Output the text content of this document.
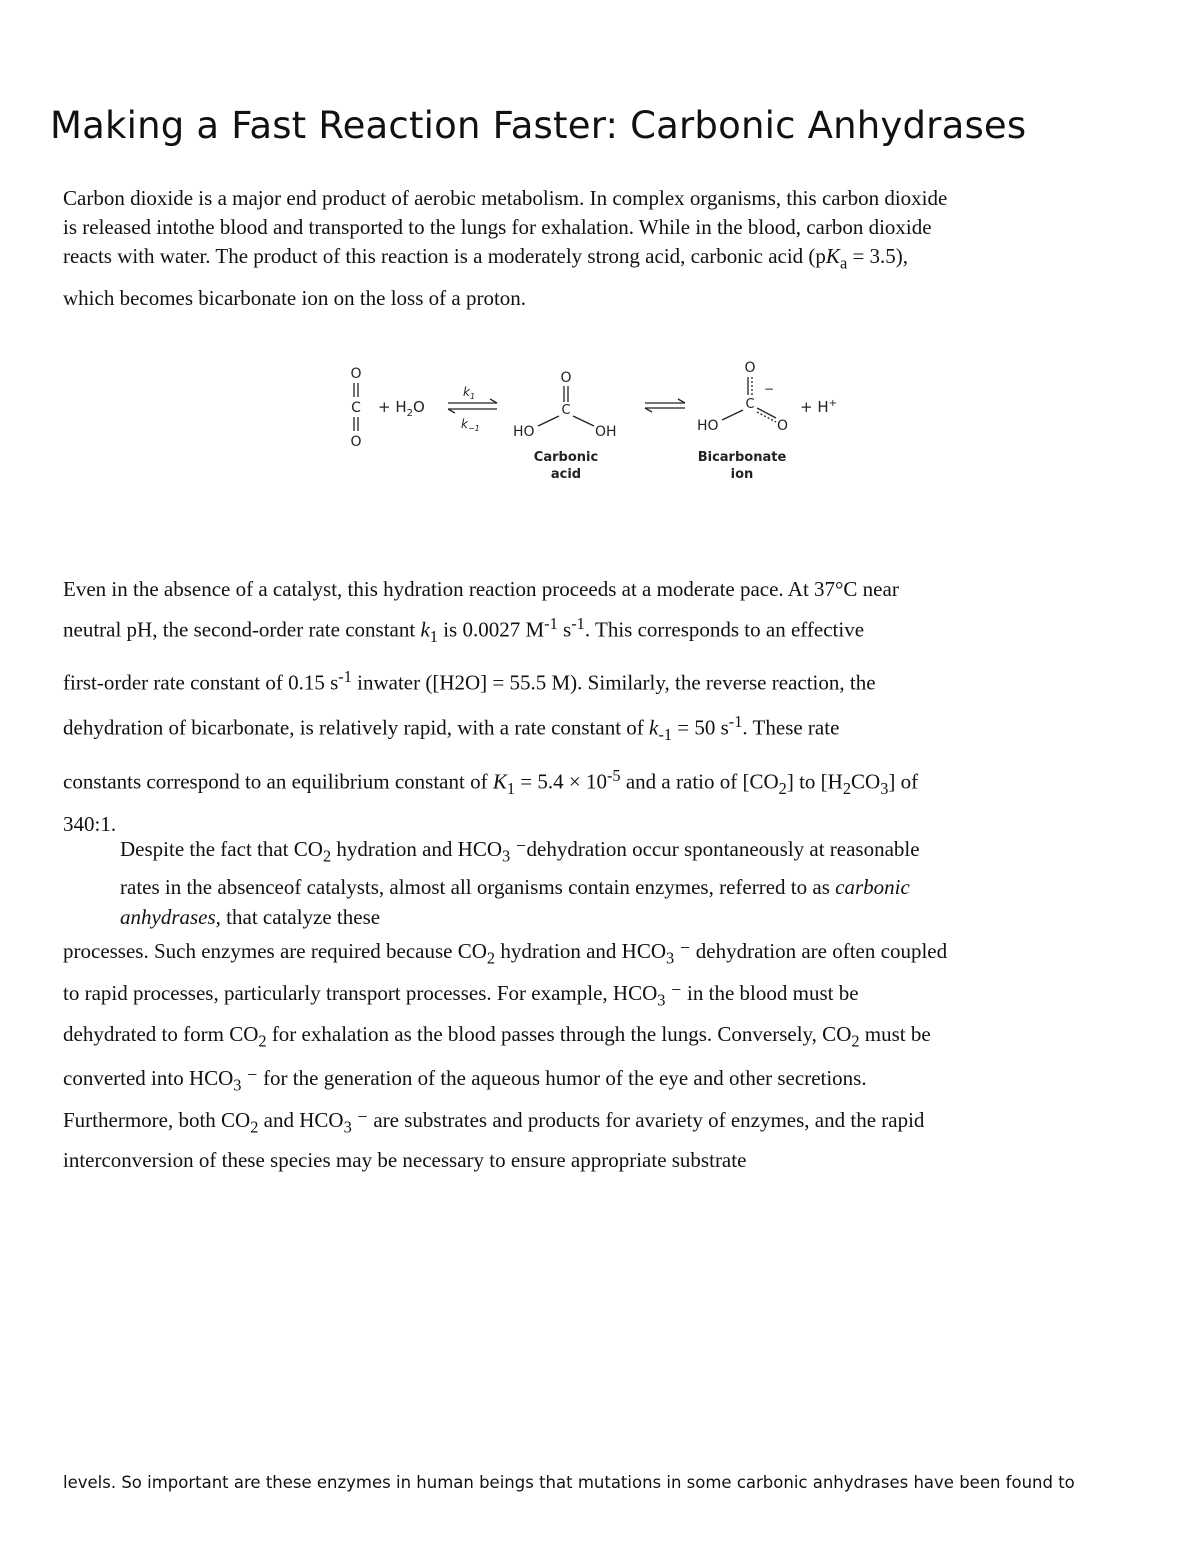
Making a Fast Reaction Faster: Carbonic Anhydrases

Carbon dioxide is a major end product of aerobic metabolism. In complex organisms, this carbon dioxide

is released intothe blood and transported to the lungs for exhalation. While in the blood, carbon dioxide

reacts with water. The product of this reaction is a moderately strong acid, carbonic acid $(pK_a = 3.5)$,

which becomes bicarbonate ion on the loss of a proton.

O
C
O
+ $H_2O$
$k_1$
$k_{-1}$
O
C
HO	OH
Carbonic
acid
O
−
C
HO	O
Bicarbonate
ion
+ H+

Even in the absence of a catalyst, this hydration reaction proceeds at a moderate pace. At 37°C near

neutral pH, the second-order rate constant $k_1$ is 0.0027 $M^{-1}$ $s^{-1}$. This corresponds to an effective

first-order rate constant of 0.15 $s^{-1}$ inwater ([H2O] = 55.5 M). Similarly, the reverse reaction, the

dehydration of bicarbonate, is relatively rapid, with a rate constant of $k_{-1} = 50$ $s^{-1}$. These rate

constants correspond to an equilibrium constant of $K_1 = 5.4 \times 10^{-5}$ and a ratio of $[CO_2]$ to $[H_2CO_3]$ of

340:1.

Despite the fact that $CO_2$ hydration and $HCO_3$ ⁻dehydration occur spontaneously at reasonable

rates in the absenceof catalysts, almost all organisms contain enzymes, referred to as carbonic

anhydrases, that catalyze these

processes. Such enzymes are required because $CO_2$ hydration and $HCO_3$ ⁻ dehydration are often coupled

to rapid processes, particularly transport processes. For example, $HCO_3$ ⁻ in the blood must be

dehydrated to form $CO_2$ for exhalation as the blood passes through the lungs. Conversely, $CO_2$ must be

converted into $HCO_3$ ⁻ for the generation of the aqueous humor of the eye and other secretions.

Furthermore, both $CO_2$ and $HCO_3$ ⁻ are substrates and products for avariety of enzymes, and the rapid

interconversion of these species may be necessary to ensure appropriate substrate

levels. So important are these enzymes in human beings that mutations in some carbonic anhydrases have been found to
